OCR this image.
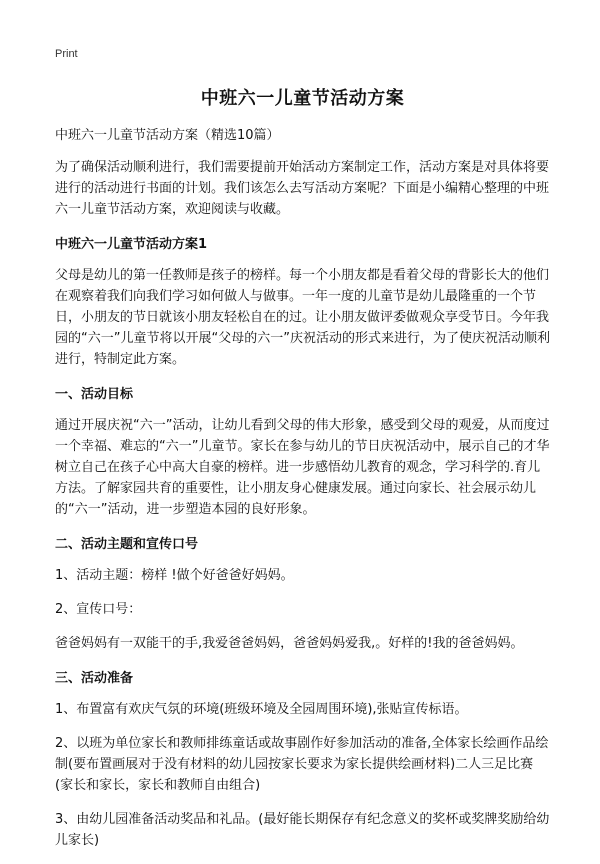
Print
中班六一儿童节活动方案
中班六一儿童节活动方案（精选10篇）

为了确保活动顺利进行，我们需要提前开始活动方案制定工作，活动方案是对具体将要进行的活动进行书面的计划。我们该怎么去写活动方案呢？下面是小编精心整理的中班六一儿童节活动方案，欢迎阅读与收藏。

中班六一儿童节活动方案1

父母是幼儿的第一任教师是孩子的榜样。每一个小朋友都是看着父母的背影长大的他们在观察着我们向我们学习如何做人与做事。一年一度的儿童节是幼儿最隆重的一个节日，小朋友的节日就该小朋友轻松自在的过。让小朋友做评委做观众享受节日。今年我园的“六一”儿童节将以开展“父母的六一”庆祝活动的形式来进行，为了使庆祝活动顺利进行，特制定此方案。

一、活动目标

通过开展庆祝“六一”活动，让幼儿看到父母的伟大形象，感受到父母的观爱，从而度过一个幸福、难忘的“六一”儿童节。家长在参与幼儿的节日庆祝活动中，展示自己的才华树立自己在孩子心中高大自豪的榜样。进一步感悟幼儿教育的观念，学习科学的.育儿方法。了解家园共育的重要性，让小朋友身心健康发展。通过向家长、社会展示幼儿的“六一”活动，进一步塑造本园的良好形象。

二、活动主题和宣传口号

1、活动主题：榜样 !做个好爸爸好妈妈。

2、宣传口号：

爸爸妈妈有一双能干的手,我爱爸爸妈妈，爸爸妈妈爱我,。好样的!我的爸爸妈妈。

三、活动准备

1、布置富有欢庆气氛的环境(班级环境及全园周围环境),张贴宣传标语。

2、以班为单位家长和教师排练童话或故事剧作好参加活动的准备,全体家长绘画作品绘制(要布置画展对于没有材料的幼儿园按家长要求为家长提供绘画材料)二人三足比赛(家长和家长，家长和教师自由组合)

3、由幼儿园准备活动奖品和礼品。(最好能长期保存有纪念意义的奖杯或奖牌奖励给幼儿家长)
